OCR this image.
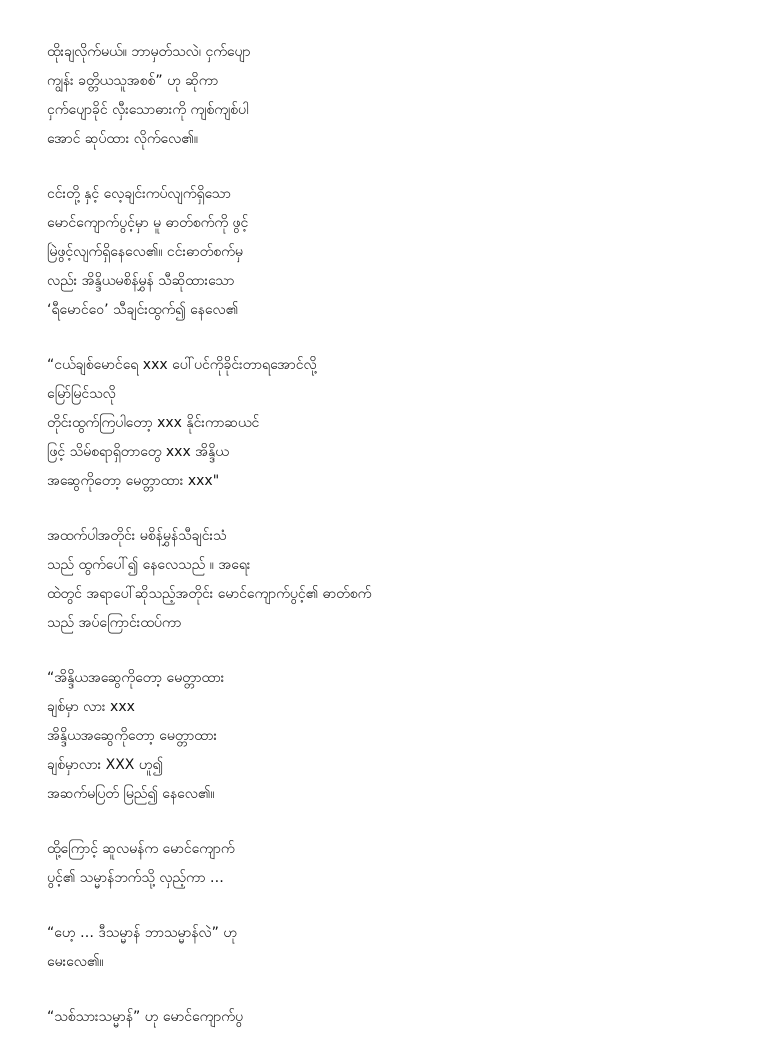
ထိုးချလိုက်မယ်။ ဘာမှတ်သလဲ၊ ငှက်ပျော
ကျွန်း ခတ္တိယသူအစစ်” ဟု ဆိုကာ
ငှက်ပျောခိုင် လှီးသောဓားကို ကျစ်ကျစ်ပါ
အောင် ဆုပ်ထား လိုက်လေ၏။
ငင်းတို့ နှင့် လေ့ချင်းကပ်လျက်ရှိသော
မောင်ကျောက်ပွင့်မှာ မူ ဓာတ်စက်ကို ဖွင့်
မြဲဖွင့်လျက်ရှိနေလေ၏။ ငင်းဓာတ်စက်မှ
လည်း အိန္ဒိယမစိန်မွှန် သီဆိုထားသော
‘ရီမောင်ဝေ’ သီချင်းထွက်၍ နေလေ၏
“ငယ်ချစ်မောင်ရေ xxx ပေါ်ပင်ကိုခိုင်းတာရအောင်လို့
မြော်မြင်သလို
တိုင်းထွက်ကြပါတော့ xxx နိုင်းကာဆယင်
ဖြင့် သိမ်စရာရှိတာတွေ xxx အိန္ဒိယ
အဆွေကိုတော့ မေတ္တာထား xxx"
အထက်ပါအတိုင်း မစိန်မွှန်သီချင်းသံ
သည် ထွက်ပေါ်၍ နေလေသည် ။ အရေး
ထဲတွင် အရာပေါ်ဆိုသည့်အတိုင်း မောင်ကျောက်ပွင့်၏ ဓာတ်စက်
သည် အပ်ကြောင်းထပ်ကာ
“အိန္ဒိယအဆွေကိုတော့ မေတ္တာထား
ချစ်မှာ လား xxx
အိန္ဒိယအဆွေကိုတော့ မေတ္တာထား
ချစ်မှာလား XXX ဟူ၍
အဆက်မပြတ် မြည်၍ နေလေ၏။
ထို့ကြောင့် ဆူလမန်က မောင်ကျောက်
ပွင့်၏ သမ္မာန်ဘက်သို့ လှည့်ကာ …
“ဟေ့ … ဒီသမ္မာန် ဘာသမ္မာန်လဲ” ဟု
မေးလေ၏။
“သစ်သားသမ္မာန်” ဟု မောင်ကျောက်ပွ
